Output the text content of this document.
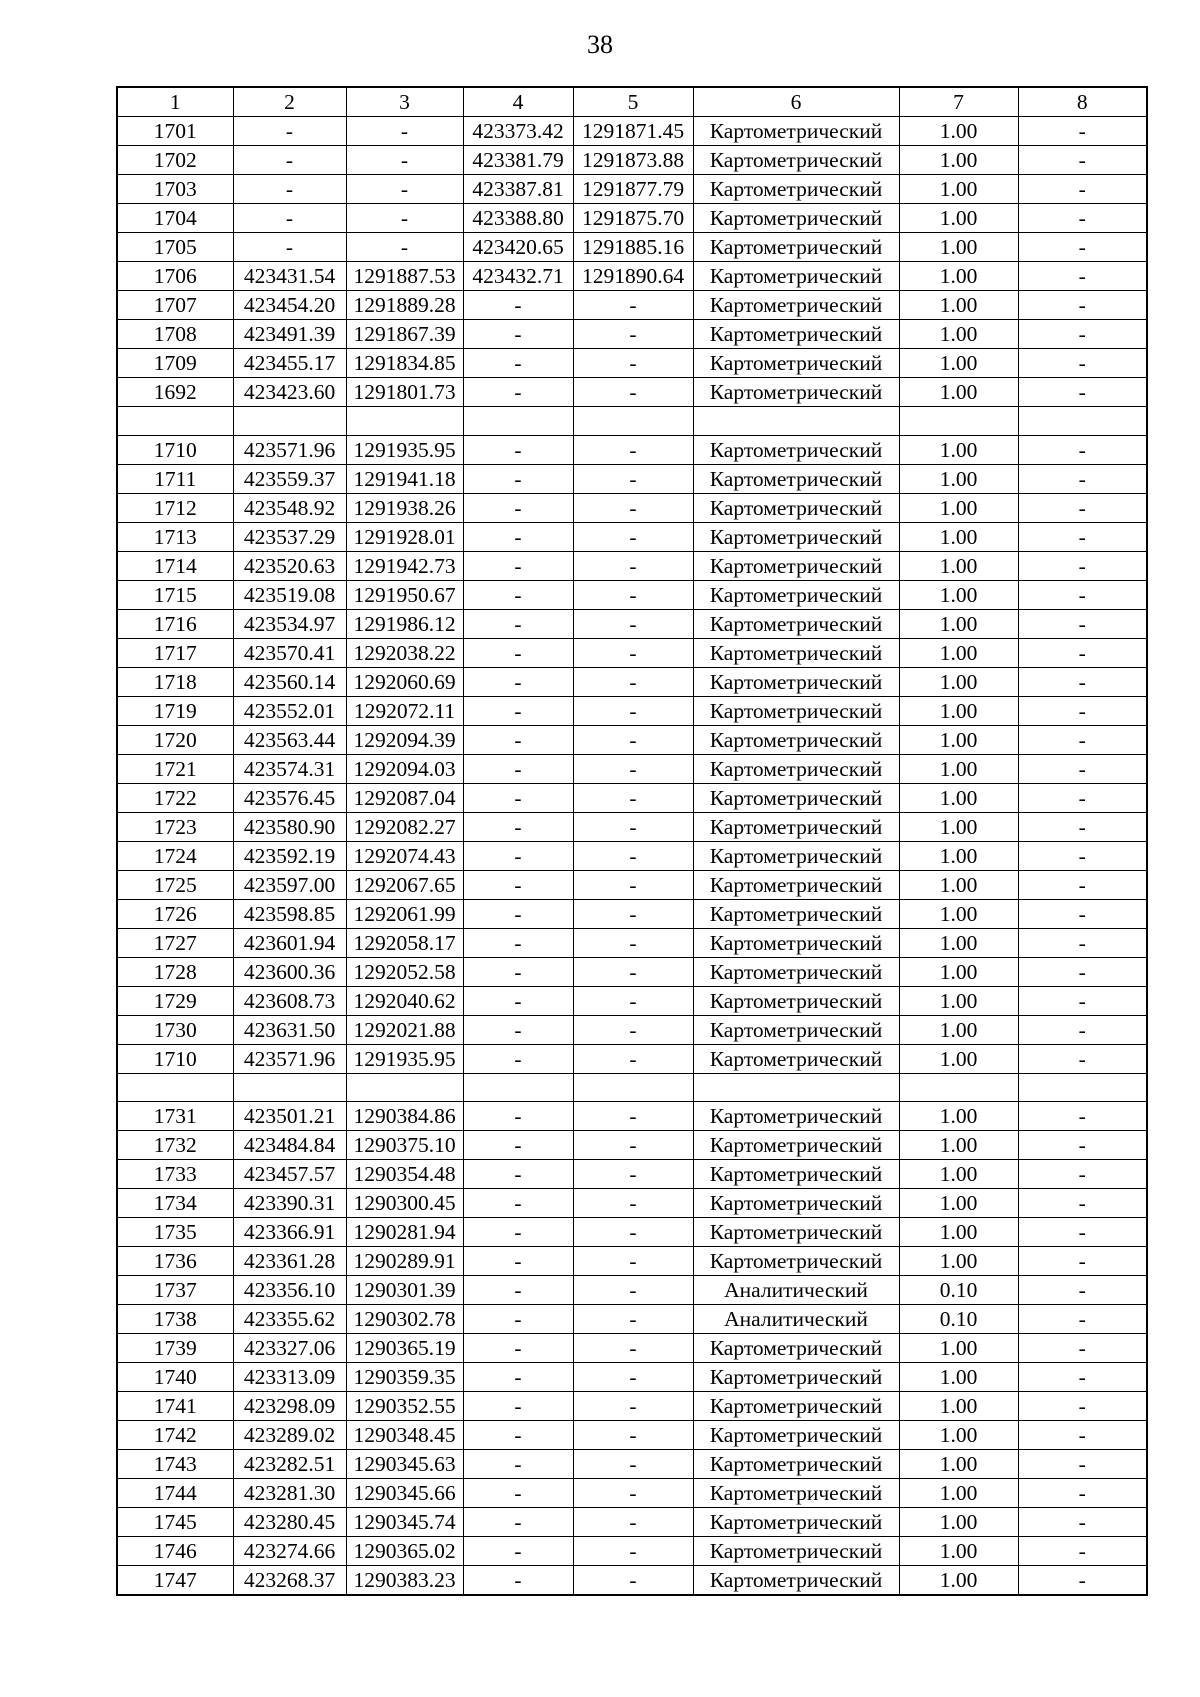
38
1	2	3	4	5	6	7	8
1701	-	-	423373.42	1291871.45	Картометрический	1.00	-
1702	-	-	423381.79	1291873.88	Картометрический	1.00	-
1703	-	-	423387.81	1291877.79	Картометрический	1.00	-
1704	-	-	423388.80	1291875.70	Картометрический	1.00	-
1705	-	-	423420.65	1291885.16	Картометрический	1.00	-
1706	423431.54	1291887.53	423432.71	1291890.64	Картометрический	1.00	-
1707	423454.20	1291889.28	-	-	Картометрический	1.00	-
1708	423491.39	1291867.39	-	-	Картометрический	1.00	-
1709	423455.17	1291834.85	-	-	Картометрический	1.00	-
1692	423423.60	1291801.73	-	-	Картометрический	1.00	-

1710	423571.96	1291935.95	-	-	Картометрический	1.00	-
1711	423559.37	1291941.18	-	-	Картометрический	1.00	-
1712	423548.92	1291938.26	-	-	Картометрический	1.00	-
1713	423537.29	1291928.01	-	-	Картометрический	1.00	-
1714	423520.63	1291942.73	-	-	Картометрический	1.00	-
1715	423519.08	1291950.67	-	-	Картометрический	1.00	-
1716	423534.97	1291986.12	-	-	Картометрический	1.00	-
1717	423570.41	1292038.22	-	-	Картометрический	1.00	-
1718	423560.14	1292060.69	-	-	Картометрический	1.00	-
1719	423552.01	1292072.11	-	-	Картометрический	1.00	-
1720	423563.44	1292094.39	-	-	Картометрический	1.00	-
1721	423574.31	1292094.03	-	-	Картометрический	1.00	-
1722	423576.45	1292087.04	-	-	Картометрический	1.00	-
1723	423580.90	1292082.27	-	-	Картометрический	1.00	-
1724	423592.19	1292074.43	-	-	Картометрический	1.00	-
1725	423597.00	1292067.65	-	-	Картометрический	1.00	-
1726	423598.85	1292061.99	-	-	Картометрический	1.00	-
1727	423601.94	1292058.17	-	-	Картометрический	1.00	-
1728	423600.36	1292052.58	-	-	Картометрический	1.00	-
1729	423608.73	1292040.62	-	-	Картометрический	1.00	-
1730	423631.50	1292021.88	-	-	Картометрический	1.00	-
1710	423571.96	1291935.95	-	-	Картометрический	1.00	-

1731	423501.21	1290384.86	-	-	Картометрический	1.00	-
1732	423484.84	1290375.10	-	-	Картометрический	1.00	-
1733	423457.57	1290354.48	-	-	Картометрический	1.00	-
1734	423390.31	1290300.45	-	-	Картометрический	1.00	-
1735	423366.91	1290281.94	-	-	Картометрический	1.00	-
1736	423361.28	1290289.91	-	-	Картометрический	1.00	-
1737	423356.10	1290301.39	-	-	Аналитический	0.10	-
1738	423355.62	1290302.78	-	-	Аналитический	0.10	-
1739	423327.06	1290365.19	-	-	Картометрический	1.00	-
1740	423313.09	1290359.35	-	-	Картометрический	1.00	-
1741	423298.09	1290352.55	-	-	Картометрический	1.00	-
1742	423289.02	1290348.45	-	-	Картометрический	1.00	-
1743	423282.51	1290345.63	-	-	Картометрический	1.00	-
1744	423281.30	1290345.66	-	-	Картометрический	1.00	-
1745	423280.45	1290345.74	-	-	Картометрический	1.00	-
1746	423274.66	1290365.02	-	-	Картометрический	1.00	-
1747	423268.37	1290383.23	-	-	Картометрический	1.00	-
